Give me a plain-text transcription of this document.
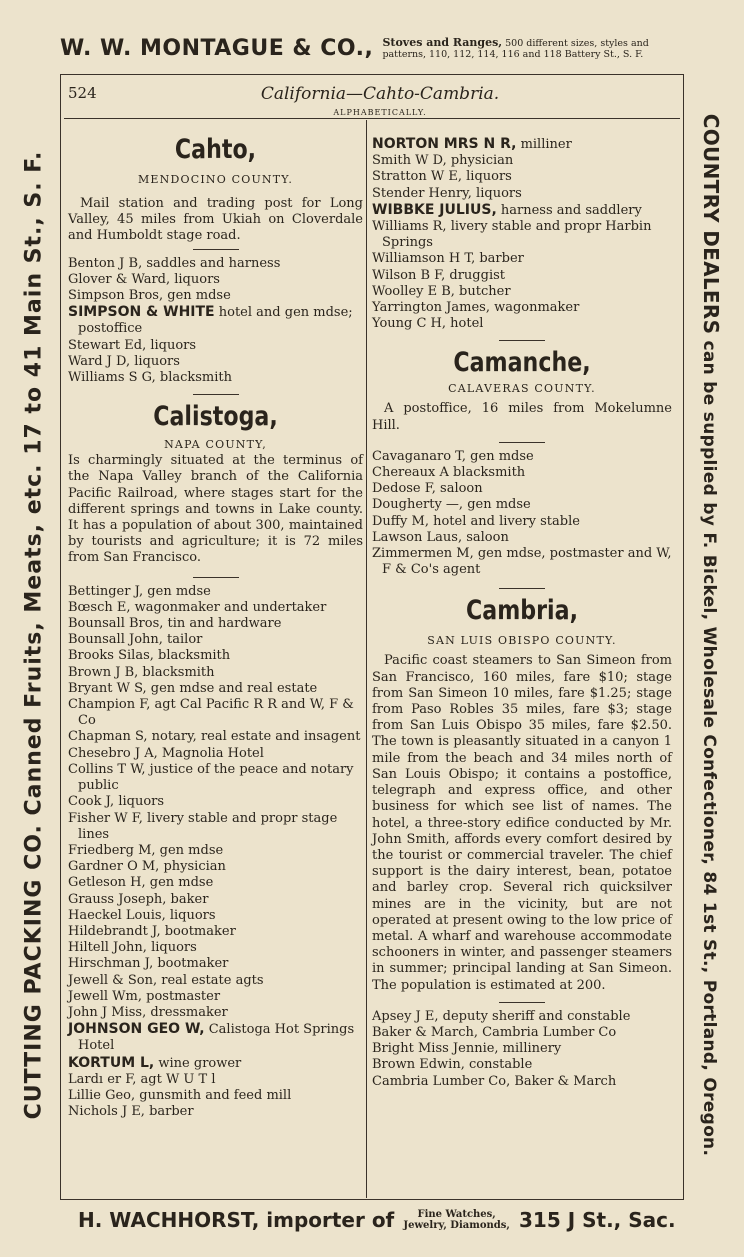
W. W. MONTAGUE & CO., Stoves and Ranges, 500 different sizes, styles and
patterns, 110, 112, 114, 116 and 118 Battery St., S. F.
CUTTING PACKING CO. Canned Fruits, Meats, etc. 17 to 41 Main St., S. F.	COUNTRY DEALERS can be supplied by F. Bickel, Wholesale Confectioner, 84 1st St., Portland, Oregon.
524	California—Cahto-Cambria.
ALPHABETICALLY.
Cahto,
MENDOCINO COUNTY.
Mail station and trading post for Long Valley, 45 miles from Ukiah on Cloverdale and Humboldt stage road.
Benton J B, saddles and harness
Glover & Ward, liquors
Simpson Bros, gen mdse
SIMPSON & WHITE hotel and gen mdse; postoffice
Stewart Ed, liquors
Ward J D, liquors
Williams S G, blacksmith
Calistoga,
NAPA COUNTY,
Is charmingly situated at the terminus of the Napa Valley branch of the California Pacific Railroad, where stages start for the different springs and towns in Lake county. It has a population of about 300, maintained by tourists and agriculture; it is 72 miles from San Francisco.
Bettinger J, gen mdse
Bœsch E, wagonmaker and undertaker
Bounsall Bros, tin and hardware
Bounsall John, tailor
Brooks Silas, blacksmith
Brown J B, blacksmith
Bryant W S, gen mdse and real estate
Champion F, agt Cal Pacific R R and W, F & Co
Chapman S, notary, real estate and insagent
Chesebro J A, Magnolia Hotel
Collins T W, justice of the peace and notary public
Cook J, liquors
Fisher W F, livery stable and propr stage lines
Friedberg M, gen mdse
Gardner O M, physician
Getleson H, gen mdse
Grauss Joseph, baker
Haeckel Louis, liquors
Hildebrandt J, bootmaker
Hiltell John, liquors
Hirschman J, bootmaker
Jewell & Son, real estate agts
Jewell Wm, postmaster
John J Miss, dressmaker
JOHNSON GEO W, Calistoga Hot Springs Hotel
KORTUM L, wine grower
Lardı er F, agt W U T l
Lillie Geo, gunsmith and feed mill
Nichols J E, barber
NORTON MRS N R, milliner
Smith W D, physician
Stratton W E, liquors
Stender Henry, liquors
WIBBKE JULIUS, harness and saddlery
Williams R, livery stable and propr Harbin Springs
Williamson H T, barber
Wilson B F, druggist
Woolley E B, butcher
Yarrington James, wagonmaker
Young C H, hotel
Camanche,
CALAVERAS COUNTY.
A postoffice, 16 miles from Mokelumne Hill.
Cavaganaro T, gen mdse
Chereaux A blacksmith
Dedose F, saloon
Dougherty —, gen mdse
Duffy M, hotel and livery stable
Lawson Laus, saloon
Zimmermen M, gen mdse, postmaster and W, F & Co's agent
Cambria,
SAN LUIS OBISPO COUNTY.
Pacific coast steamers to San Simeon from San Francisco, 160 miles, fare $10; stage from San Simeon 10 miles, fare $1.25; stage from Paso Robles 35 miles, fare $3; stage from San Luis Obispo 35 miles, fare $2.50. The town is pleasantly situated in a canyon 1 mile from the beach and 34 miles north of San Louis Obispo; it contains a postoffice, telegraph and express office, and other business for which see list of names. The hotel, a three-story edifice conducted by Mr. John Smith, affords every comfort desired by the tourist or commercial traveler. The chief support is the dairy interest, bean, potatoe and barley crop. Several rich quicksilver mines are in the vicinity, but are not operated at present owing to the low price of metal. A wharf and warehouse accommodate schooners in winter, and passenger steamers in summer; principal landing at San Simeon. The population is estimated at 200.
Apsey J E, deputy sheriff and constable
Baker & March, Cambria Lumber Co
Bright Miss Jennie, millinery
Brown Edwin, constable
Cambria Lumber Co, Baker & March
H. WACHHORST, importer of Fine Watches,
Jewelry, Diamonds, 315 J St., Sac.
